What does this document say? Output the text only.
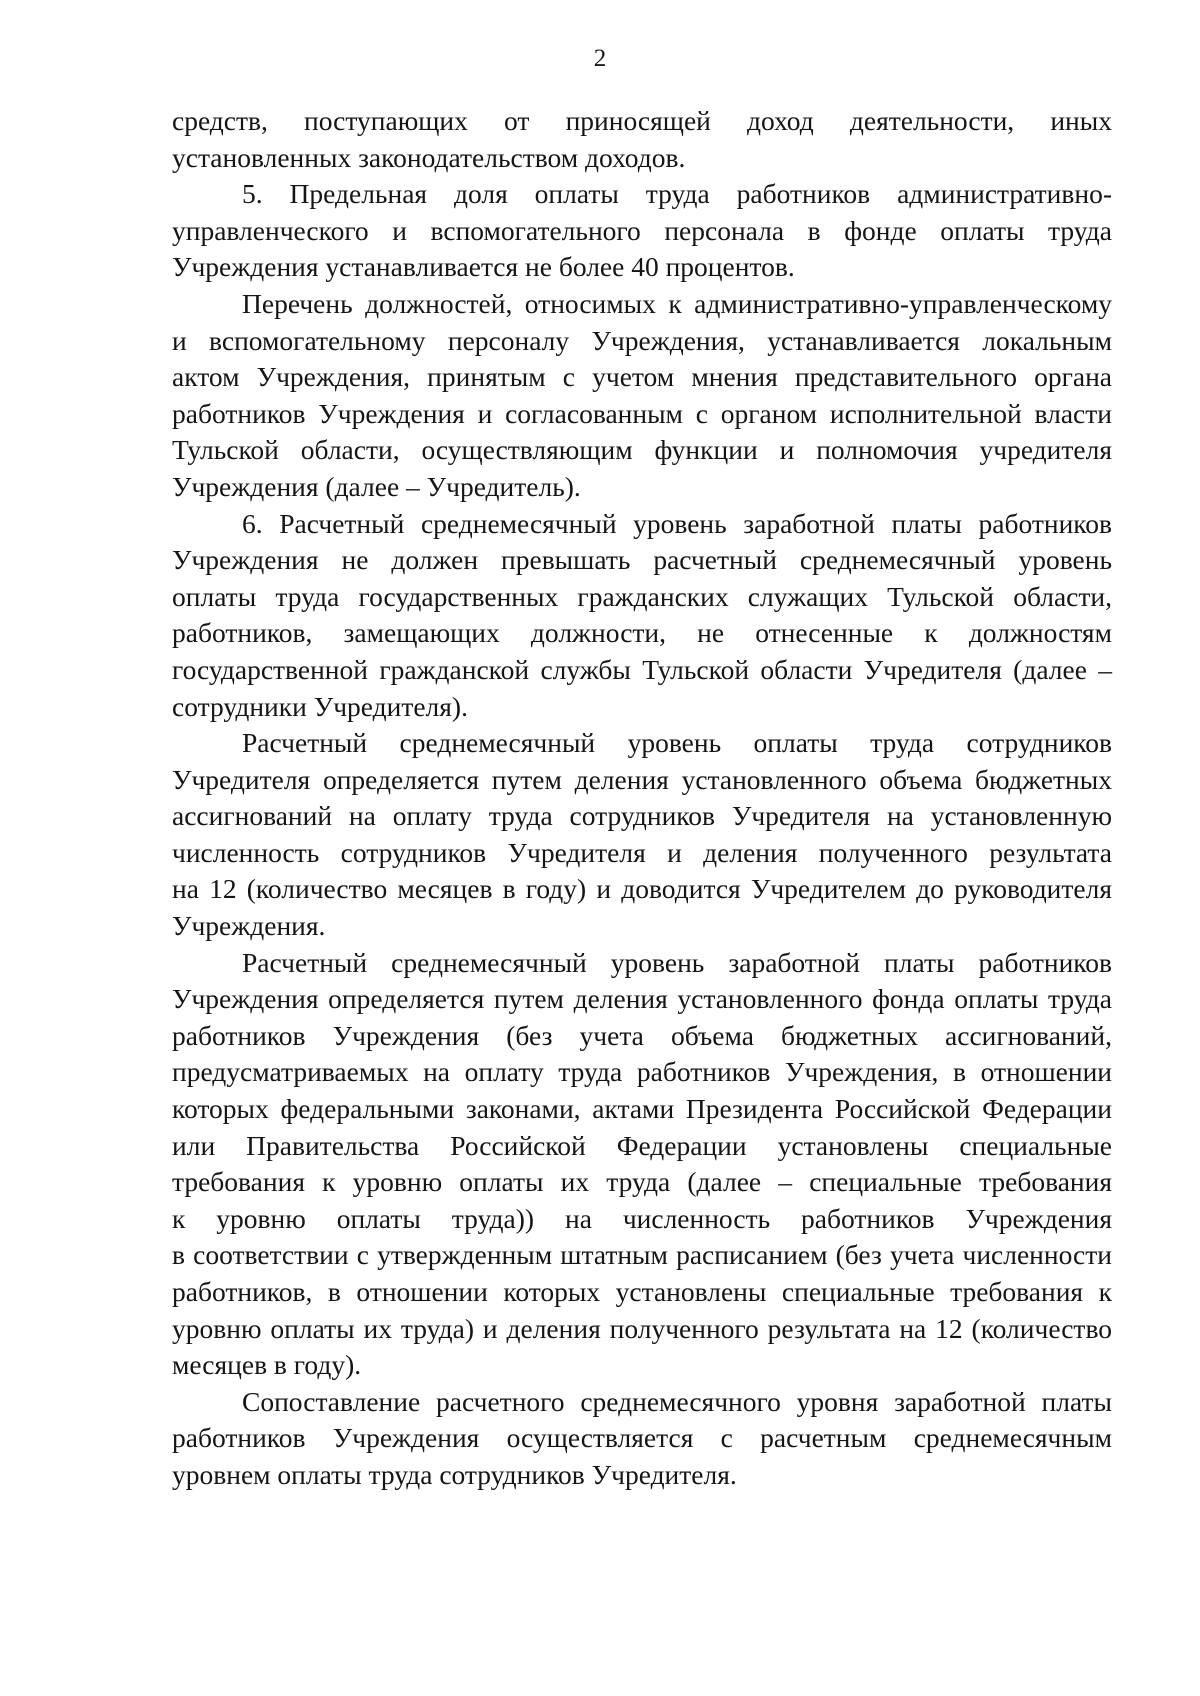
2

средств, поступающих от приносящей доход деятельности, иных
установленных законодательством доходов.

5. Предельная доля оплаты труда работников административно-
управленческого и вспомогательного персонала в фонде оплаты труда
Учреждения устанавливается не более 40 процентов.

Перечень должностей, относимых к административно-управленческому
и вспомогательному персоналу Учреждения, устанавливается локальным
актом Учреждения, принятым с учетом мнения представительного органа
работников Учреждения и согласованным с органом исполнительной власти
Тульской области, осуществляющим функции и полномочия учредителя
Учреждения (далее – Учредитель).

6. Расчетный среднемесячный уровень заработной платы работников
Учреждения не должен превышать расчетный среднемесячный уровень
оплаты труда государственных гражданских служащих Тульской области,
работников, замещающих должности, не отнесенные к должностям
государственной гражданской службы Тульской области Учредителя (далее –
сотрудники Учредителя).

Расчетный среднемесячный уровень оплаты труда сотрудников
Учредителя определяется путем деления установленного объема бюджетных
ассигнований на оплату труда сотрудников Учредителя на установленную
численность сотрудников Учредителя и деления полученного результата
на 12 (количество месяцев в году) и доводится Учредителем до руководителя
Учреждения.

Расчетный среднемесячный уровень заработной платы работников
Учреждения определяется путем деления установленного фонда оплаты труда
работников Учреждения (без учета объема бюджетных ассигнований,
предусматриваемых на оплату труда работников Учреждения, в отношении
которых федеральными законами, актами Президента Российской Федерации
или Правительства Российской Федерации установлены специальные
требования к уровню оплаты их труда (далее – специальные требования
к уровню оплаты труда)) на численность работников Учреждения
в соответствии с утвержденным штатным расписанием (без учета численности
работников, в отношении которых установлены специальные требования к
уровню оплаты их труда) и деления полученного результата на 12 (количество
месяцев в году).

Сопоставление расчетного среднемесячного уровня заработной платы
работников Учреждения осуществляется с расчетным среднемесячным
уровнем оплаты труда сотрудников Учредителя.
